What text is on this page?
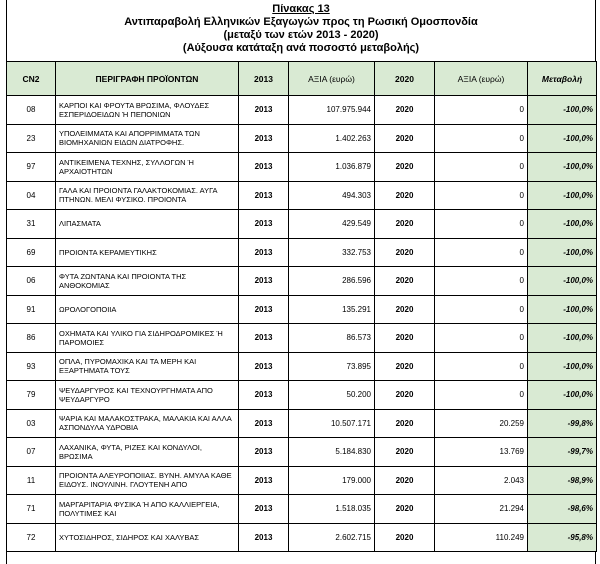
Πίνακας 13
Αντιπαραβολή Ελληνικών Εξαγωγών προς τη Ρωσική Ομοσπονδία
(μεταξύ των ετών 2013 - 2020)
(Αύξουσα κατάταξη ανά ποσοστό μεταβολής)
CN2	ΠΕΡΙΓΡΑΦΗ ΠΡΟΪΟΝΤΩΝ	2013	ΑΞΙΑ (ευρώ)	2020	ΑΞΙΑ (ευρώ)	Μεταβολή
08	ΚΑΡΠΟΙ ΚΑΙ ΦΡΟΥΤΑ ΒΡΩΣΙΜΑ, ΦΛΟΥΔΕΣ ΕΣΠΕΡΙΔΟΕΙΔΩΝ Ή ΠΕΠΟΝΙΩΝ	2013	107.975.944	2020	0	-100,0%
23	ΥΠΟΛΕΙΜΜΑΤΑ ΚΑΙ ΑΠΟΡΡΙΜΜΑΤΑ ΤΩΝ ΒΙΟΜΗΧΑΝΙΩΝ ΕΙΔΩΝ ΔΙΑΤΡΟΦΗΣ.	2013	1.402.263	2020	0	-100,0%
97	ΑΝΤΙΚΕΙΜΕΝΑ ΤΕΧΝΗΣ, ΣΥΛΛΟΓΩΝ Ή ΑΡΧΑΙΟΤΗΤΩΝ	2013	1.036.879	2020	0	-100,0%
04	ΓΑΛΑ ΚΑΙ ΠΡΟΙΟΝΤΑ ΓΑΛΑΚΤΟΚΟΜΙΑΣ. ΑΥΓΑ ΠΤΗΝΩΝ. ΜΕΛΙ ΦΥΣΙΚΟ. ΠΡΟΙΟΝΤΑ	2013	494.303	2020	0	-100,0%
31	ΛΙΠΑΣΜΑΤΑ	2013	429.549	2020	0	-100,0%
69	ΠΡΟΙΟΝΤΑ ΚΕΡΑΜΕΥΤΙΚΗΣ	2013	332.753	2020	0	-100,0%
06	ΦΥΤΑ ΖΩΝΤΑΝΑ ΚΑΙ ΠΡΟΙΟΝΤΑ ΤΗΣ ΑΝΘΟΚΟΜΙΑΣ	2013	286.596	2020	0	-100,0%
91	ΩΡΟΛΟΓΟΠΟΙΙΑ	2013	135.291	2020	0	-100,0%
86	ΟΧΗΜΑΤΑ ΚΑΙ ΥΛΙΚΟ ΓΙΑ ΣΙΔΗΡΟΔΡΟΜΙΚΕΣ Ή ΠΑΡΟΜΟΙΕΣ	2013	86.573	2020	0	-100,0%
93	ΟΠΛΑ, ΠΥΡΟΜΑΧΙΚΑ ΚΑΙ ΤΑ ΜΕΡΗ ΚΑΙ ΕΞΑΡΤΗΜΑΤΑ ΤΟΥΣ	2013	73.895	2020	0	-100,0%
79	ΨΕΥΔΑΡΓΥΡΟΣ ΚΑΙ ΤΕΧΝΟΥΡΓΗΜΑΤΑ ΑΠΟ ΨΕΥΔΑΡΓΥΡΟ	2013	50.200	2020	0	-100,0%
03	ΨΑΡΙΑ ΚΑΙ ΜΑΛΑΚΟΣΤΡΑΚΑ, ΜΑΛΑΚΙΑ ΚΑΙ ΑΛΛΑ ΑΣΠΟΝΔΥΛΑ ΥΔΡΟΒΙΑ	2013	10.507.171	2020	20.259	-99,8%
07	ΛΑΧΑΝΙΚΑ, ΦΥΤΑ, ΡΙΖΕΣ ΚΑΙ ΚΟΝΔΥΛΟΙ, ΒΡΩΣΙΜΑ	2013	5.184.830	2020	13.769	-99,7%
11	ΠΡΟΙΟΝΤΑ ΑΛΕΥΡΟΠΟΙΙΑΣ. ΒΥΝΗ. ΑΜΥΛΑ ΚΑΘΕ ΕΙΔΟΥΣ. ΙΝΟΥΛΙΝΗ. ΓΛΟΥΤΕΝΗ ΑΠΟ	2013	179.000	2020	2.043	-98,9%
71	ΜΑΡΓΑΡΙΤΑΡΙΑ ΦΥΣΙΚΑ Ή ΑΠΟ ΚΑΛΛΙΕΡΓΕΙΑ, ΠΟΛΥΤΙΜΕΣ ΚΑΙ	2013	1.518.035	2020	21.294	-98,6%
72	ΧΥΤΟΣΙΔΗΡΟΣ, ΣΙΔΗΡΟΣ ΚΑΙ ΧΑΛΥΒΑΣ	2013	2.602.715	2020	110.249	-95,8%
